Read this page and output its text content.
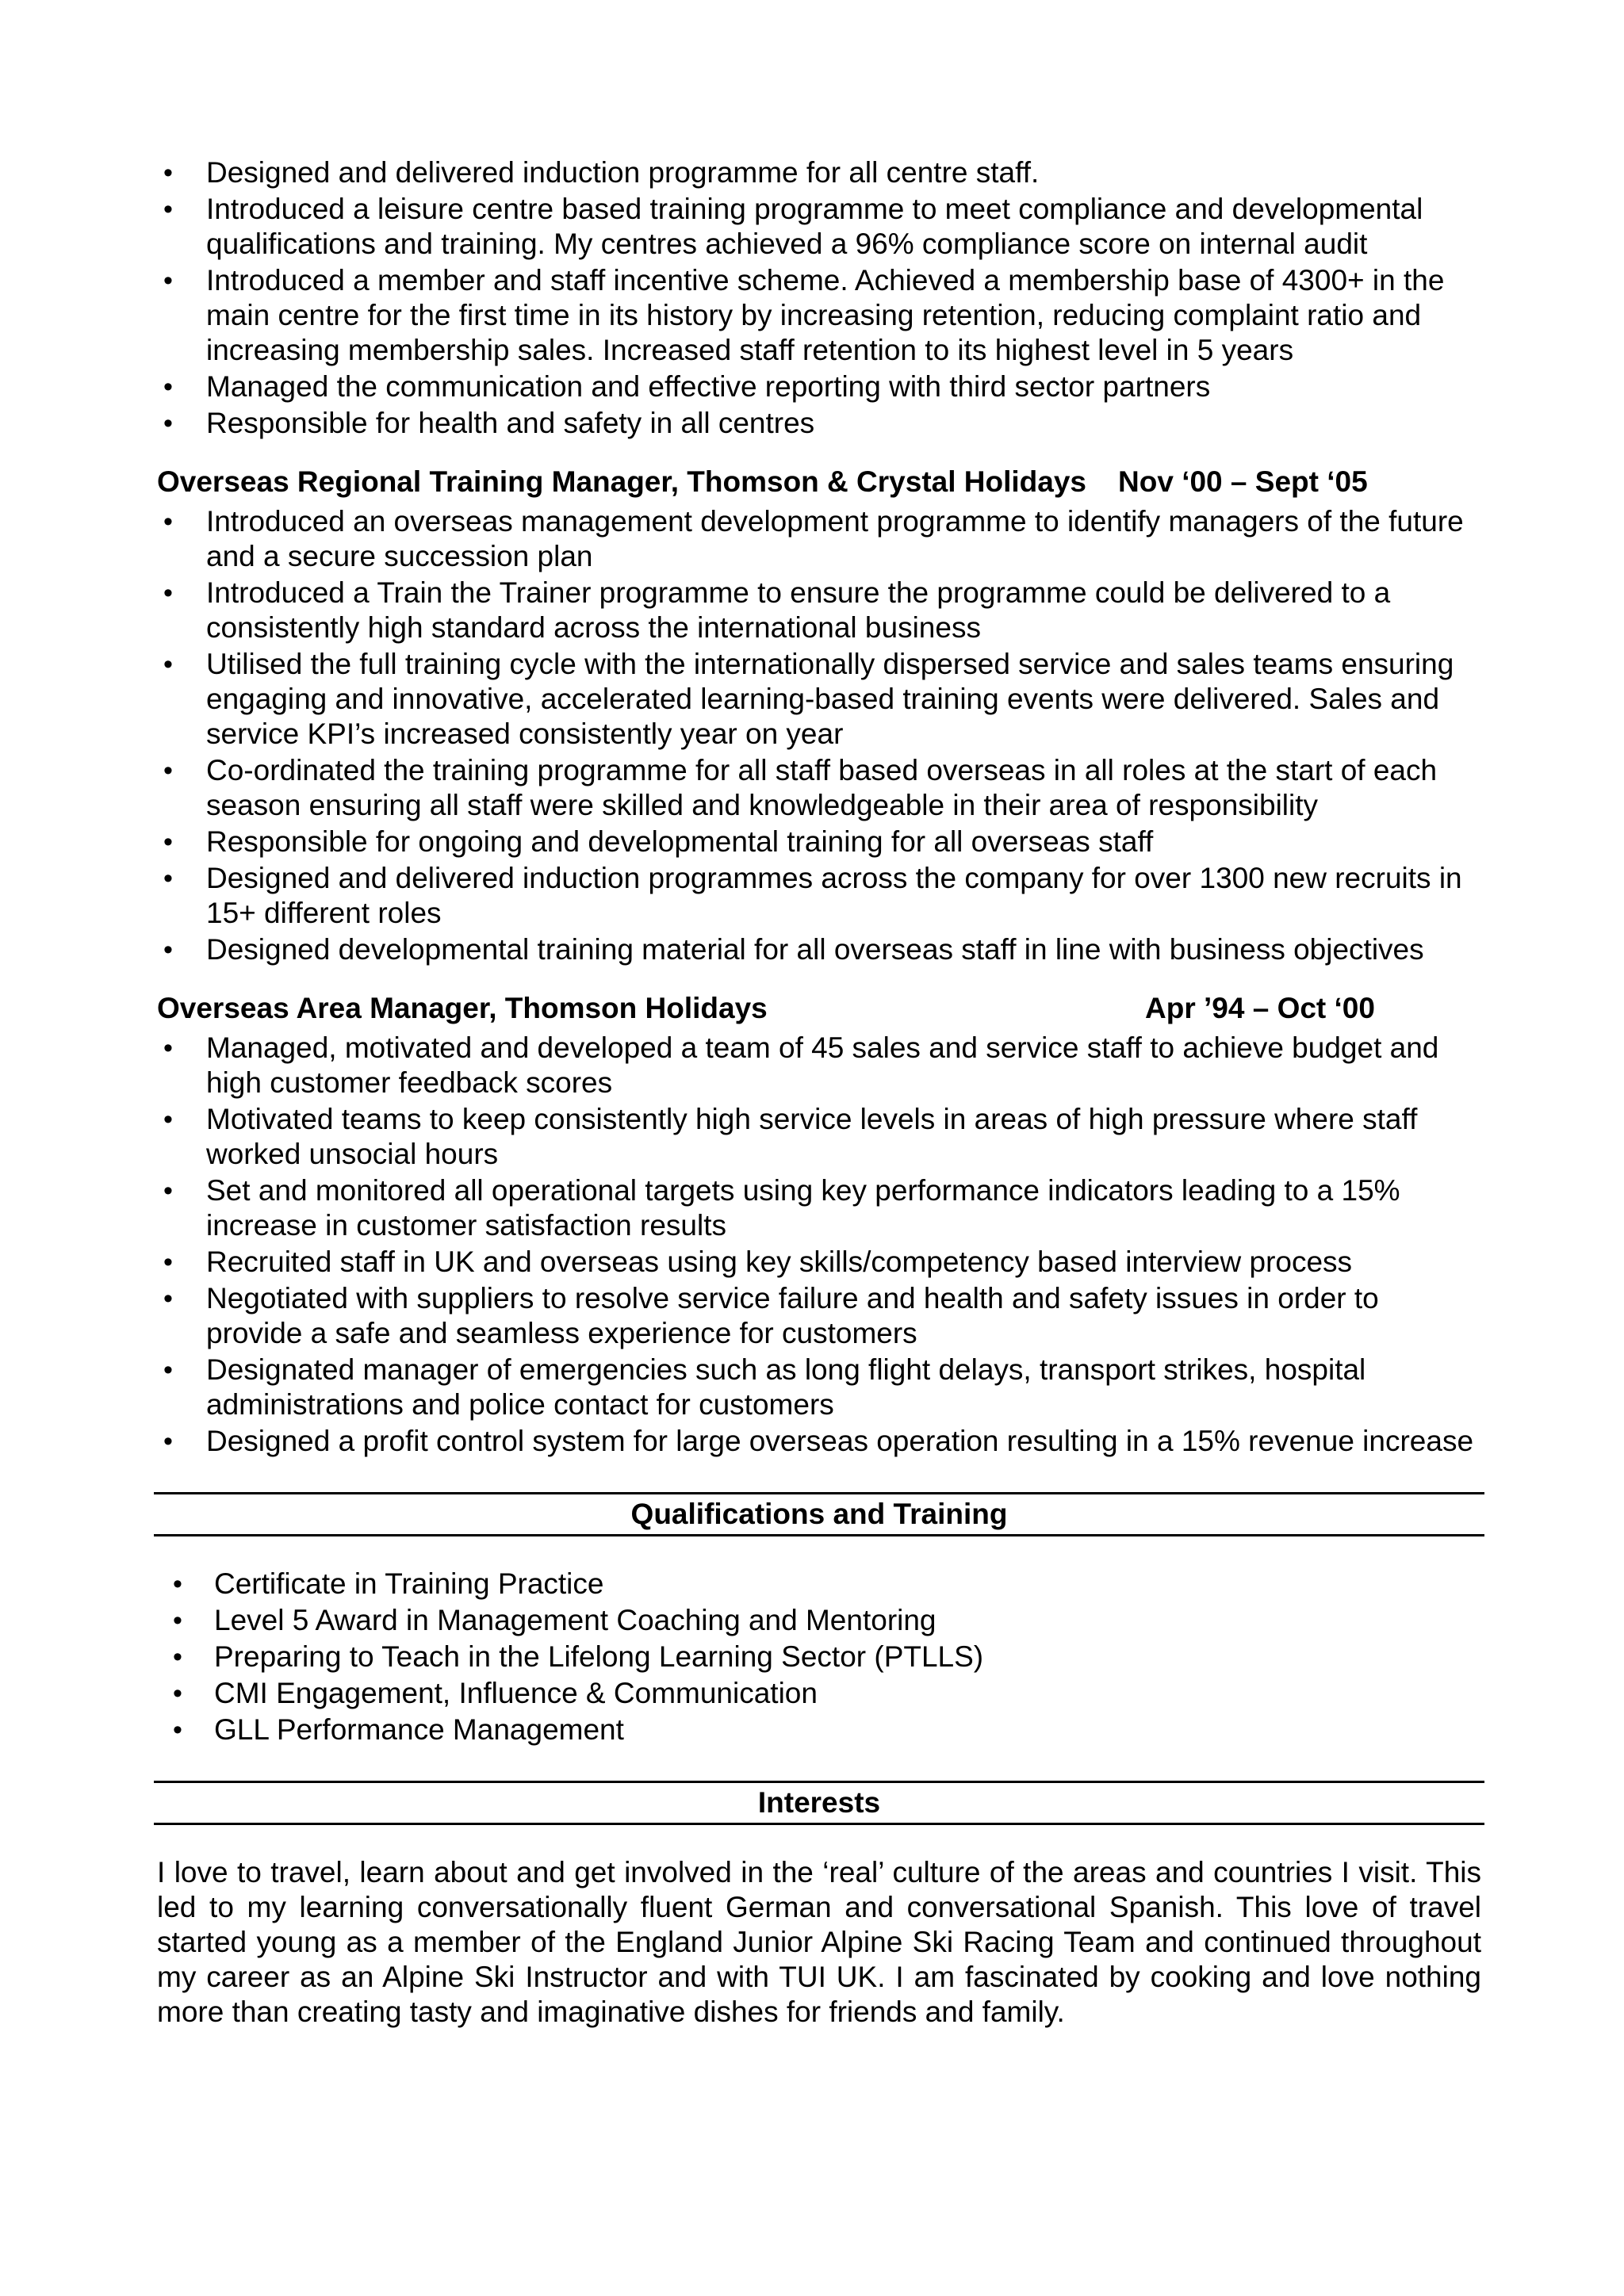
• Designed and delivered induction programme for all centre staff.
• Introduced a leisure centre based training programme to meet compliance and developmental qualifications and training. My centres achieved a 96% compliance score on internal audit
• Introduced a member and staff incentive scheme. Achieved a membership base of 4300+ in the main centre for the first time in its history by increasing retention, reducing complaint ratio and increasing membership sales. Increased staff retention to its highest level in 5 years
• Managed the communication and effective reporting with third sector partners
• Responsible for health and safety in all centres
Overseas Regional Training Manager, Thomson & Crystal Holidays Nov ‘00 – Sept ‘05
• Introduced an overseas management development programme to identify managers of the future and a secure succession plan
• Introduced a Train the Trainer programme to ensure the programme could be delivered to a consistently high standard across the international business
• Utilised the full training cycle with the internationally dispersed service and sales teams ensuring engaging and innovative, accelerated learning-based training events were delivered. Sales and service KPI’s increased consistently year on year
• Co-ordinated the training programme for all staff based overseas in all roles at the start of each season ensuring all staff were skilled and knowledgeable in their area of responsibility
• Responsible for ongoing and developmental training for all overseas staff
• Designed and delivered induction programmes across the company for over 1300 new recruits in 15+ different roles
• Designed developmental training material for all overseas staff in line with business objectives
Overseas Area Manager, Thomson Holidays	Apr ’94 – Oct ‘00
• Managed, motivated and developed a team of 45 sales and service staff to achieve budget and high customer feedback scores
• Motivated teams to keep consistently high service levels in areas of high pressure where staff worked unsocial hours
• Set and monitored all operational targets using key performance indicators leading to a 15% increase in customer satisfaction results
• Recruited staff in UK and overseas using key skills/competency based interview process
• Negotiated with suppliers to resolve service failure and health and safety issues in order to provide a safe and seamless experience for customers
• Designated manager of emergencies such as long flight delays, transport strikes, hospital administrations and police contact for customers
• Designed a profit control system for large overseas operation resulting in a 15% revenue increase
Qualifications and Training
• Certificate in Training Practice
• Level 5 Award in Management Coaching and Mentoring
• Preparing to Teach in the Lifelong Learning Sector (PTLLS)
• CMI Engagement, Influence & Communication
• GLL Performance Management
Interests

I love to travel, learn about and get involved in the ‘real’ culture of the areas and countries I visit. This led to my learning conversationally fluent German and conversational Spanish. This love of travel started young as a member of the England Junior Alpine Ski Racing Team and continued throughout my career as an Alpine Ski Instructor and with TUI UK. I am fascinated by cooking and love nothing more than creating tasty and imaginative dishes for friends and family.
